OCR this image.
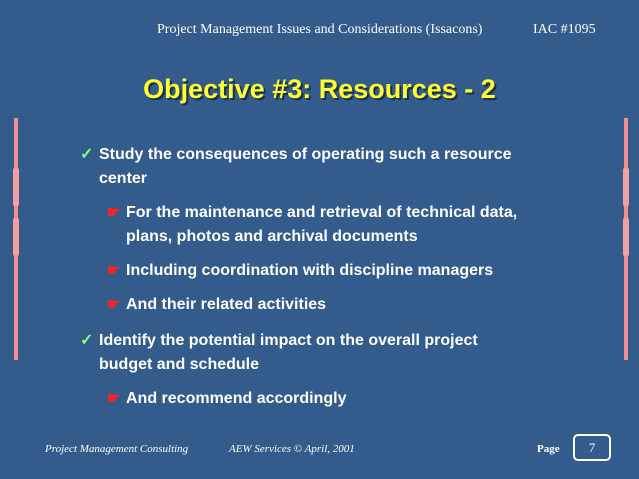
Project Management Issues and Considerations (Issacons)	IAC #1095
Objective #3: Resources - 2
✓ Study the consequences of operating such a resource
center
☛ For the maintenance and retrieval of technical data,
plans, photos and archival documents
☛ Including coordination with discipline managers
☛ And their related activities
✓ Identify the potential impact on the overall project
budget and schedule
☛ And recommend accordingly
Project Management Consulting	AEW Services © April, 2001	Page	7
